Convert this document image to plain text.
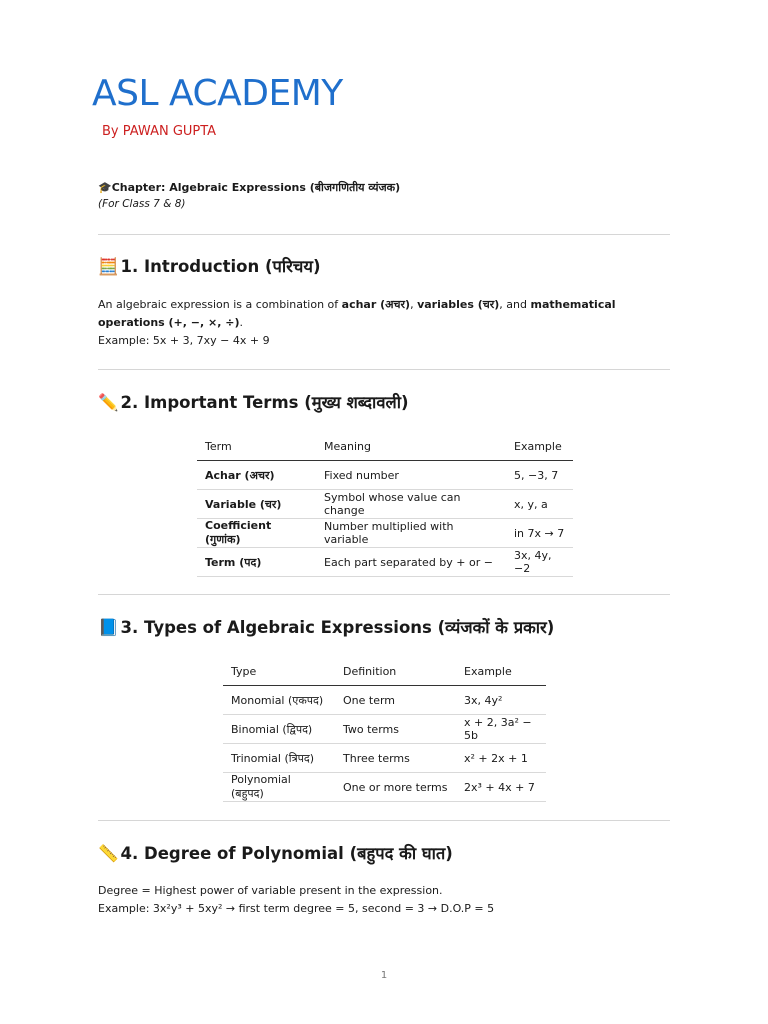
ASL ACADEMY

By PAWAN GUPTA

🎓Chapter: Algebraic Expressions (बीजगणितीय व्यंजक)

(For Class 7 & 8)

🧮 1. Introduction (परिचय)

An algebraic expression is a combination of achar (अचर), variables (चर), and mathematical operations (+, −, ×, ÷).
Example: 5x + 3, 7xy − 4x + 9

✏️ 2. Important Terms (मुख्य शब्दावली)
Term	Meaning	Example
Achar (अचर)	Fixed number	5, −3, 7
Variable (चर)	Symbol whose value can change	x, y, a
Coefficient (गुणांक)	Number multiplied with variable	in 7x → 7
Term (पद)	Each part separated by + or −	3x, 4y, −2
📘 3. Types of Algebraic Expressions (व्यंजकों के प्रकार)
Type	Definition	Example
Monomial (एकपद)	One term	3x, 4y²
Binomial (द्विपद)	Two terms	x + 2, 3a² − 5b
Trinomial (त्रिपद)	Three terms	x² + 2x + 1
Polynomial (बहुपद)	One or more terms	2x³ + 4x + 7
📏 4. Degree of Polynomial (बहुपद की घात)

Degree = Highest power of variable present in the expression.
Example: 3x²y³ + 5xy² → first term degree = 5, second = 3 → D.O.P = 5

1
